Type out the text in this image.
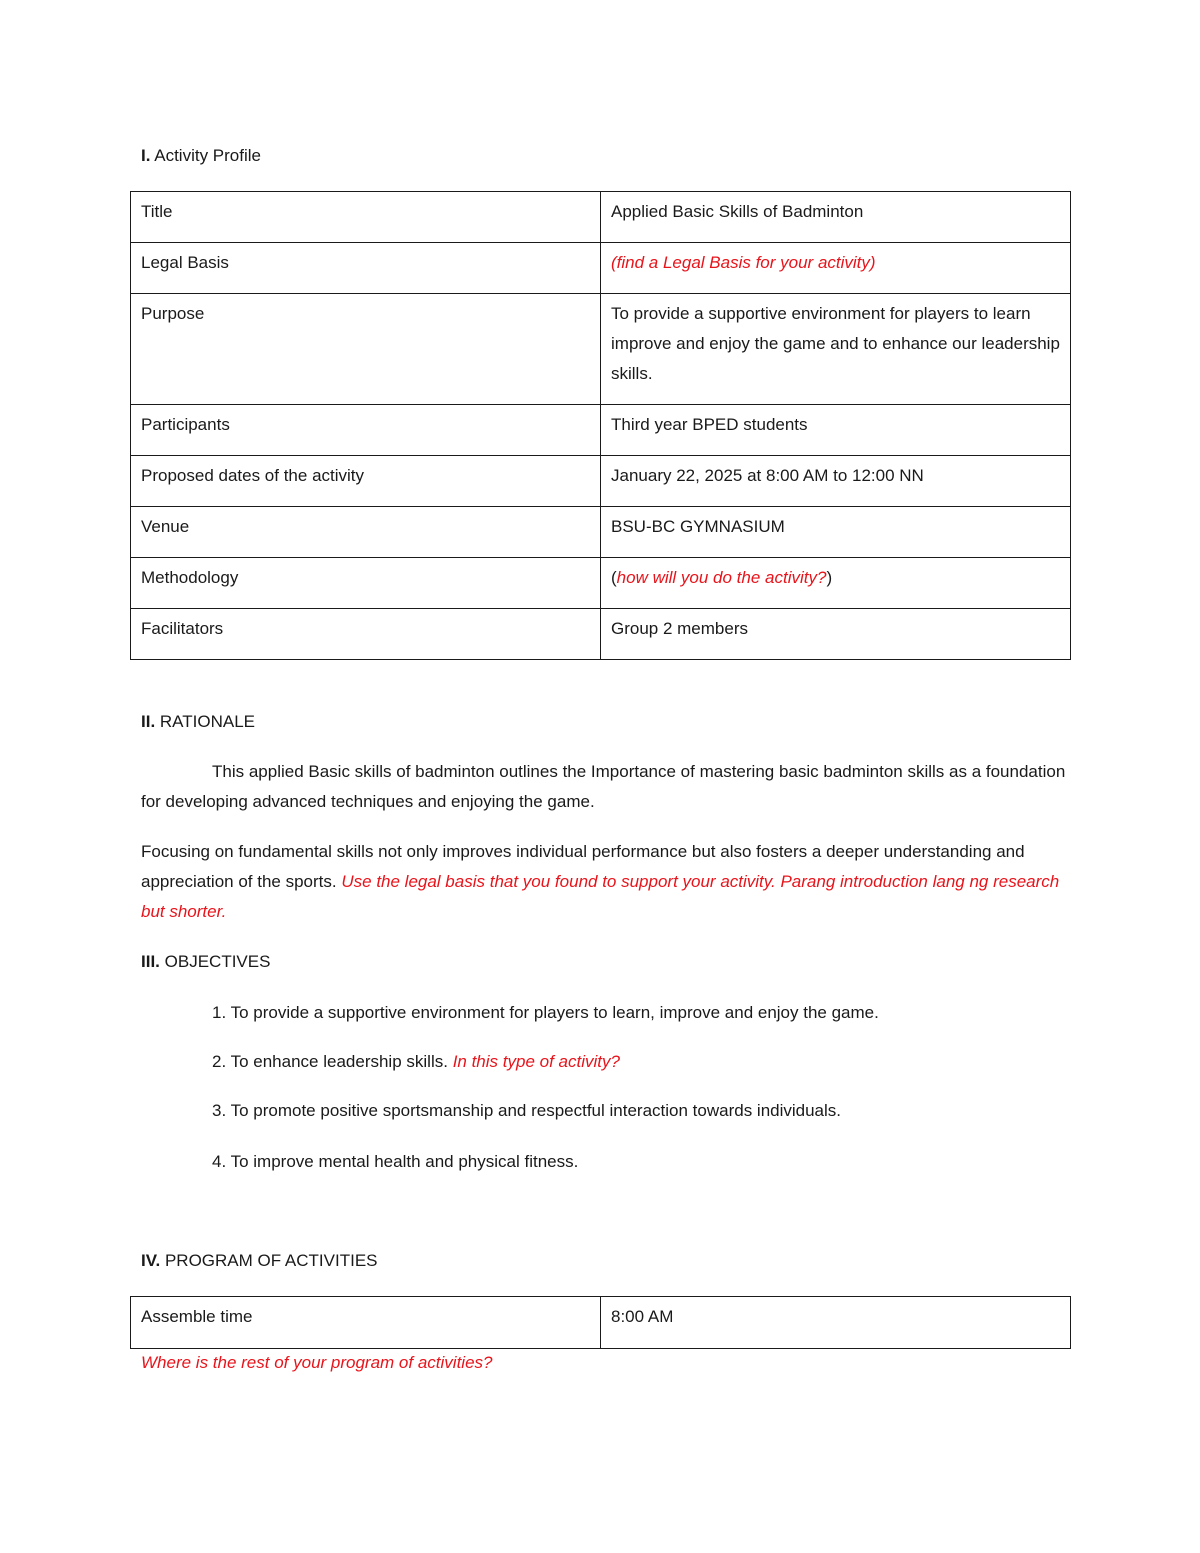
I. Activity Profile
Title	Applied Basic Skills of Badminton
Legal Basis	(find a Legal Basis for your activity)
Purpose	To provide a supportive environment for players to learn improve and enjoy the game and to enhance our leadership skills.
Participants	Third year BPED students
Proposed dates of the activity	January 22, 2025 at 8:00 AM to 12:00 NN
Venue	BSU-BC GYMNASIUM
Methodology	(how will you do the activity?)
Facilitators	Group 2 members
II. RATIONALE

This applied Basic skills of badminton outlines the Importance of mastering basic badminton skills as a foundation for developing advanced techniques and enjoying the game.

Focusing on fundamental skills not only improves individual performance but also fosters a deeper understanding and appreciation of the sports. Use the legal basis that you found to support your activity. Parang introduction lang ng research but shorter.

III. OBJECTIVES

1. To provide a supportive environment for players to learn, improve and enjoy the game.

2. To enhance leadership skills. In this type of activity?

3. To promote positive sportsmanship and respectful interaction towards individuals.

4. To improve mental health and physical fitness.

IV. PROGRAM OF ACTIVITIES
Assemble time	8:00 AM

Where is the rest of your program of activities?
